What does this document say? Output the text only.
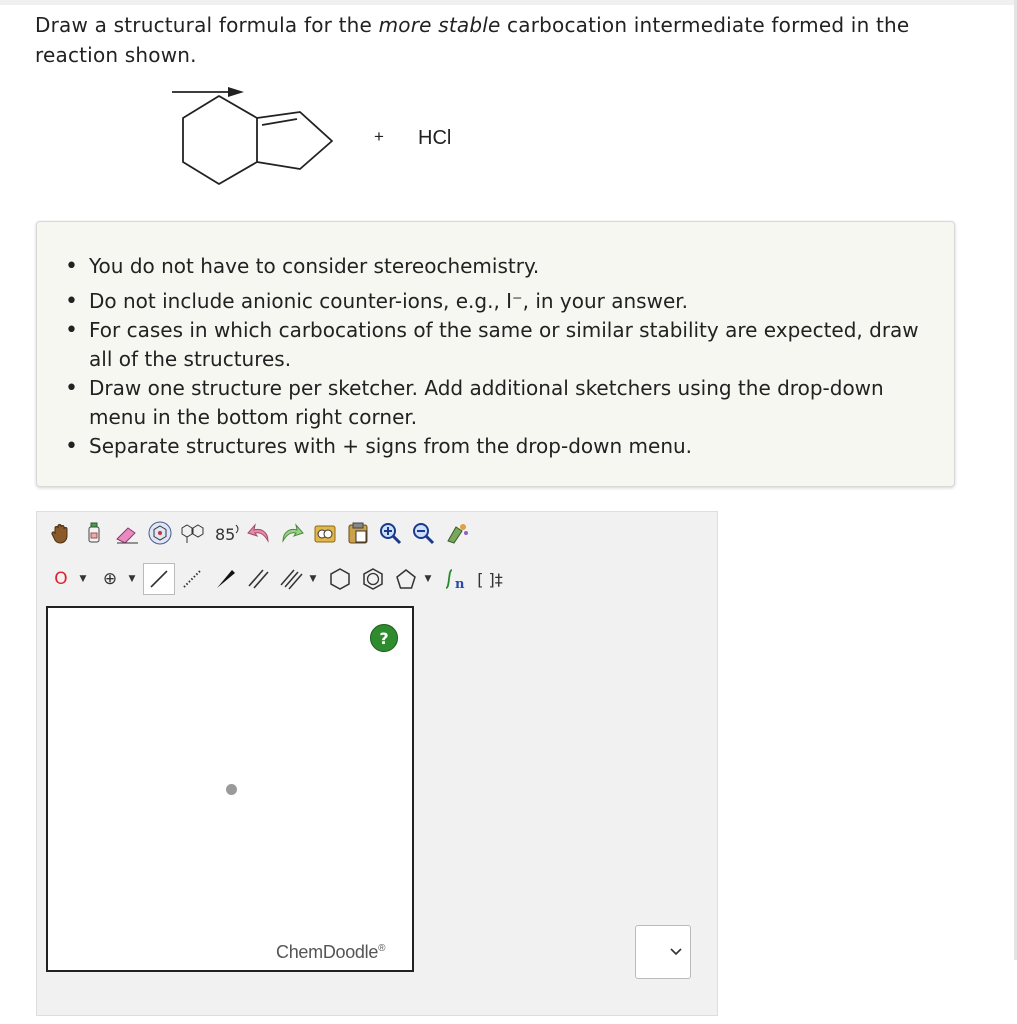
Draw a structural formula for the more stable carbocation intermediate formed in the reaction shown.
+ HCl
• You do not have to consider stereochemistry.
• Do not include anionic counter-ions, e.g., I⁻, in your answer.
• For cases in which carbocations of the same or similar stability are expected, draw all of the structures.
• Draw one structure per sketcher. Add additional sketchers using the drop-down menu in the bottom right corner.
• Separate structures with + signs from the drop-down menu.
85
O ▼ ⊕ ▼	▼	▼ n [ ]‡
?
ChemDoodle®
